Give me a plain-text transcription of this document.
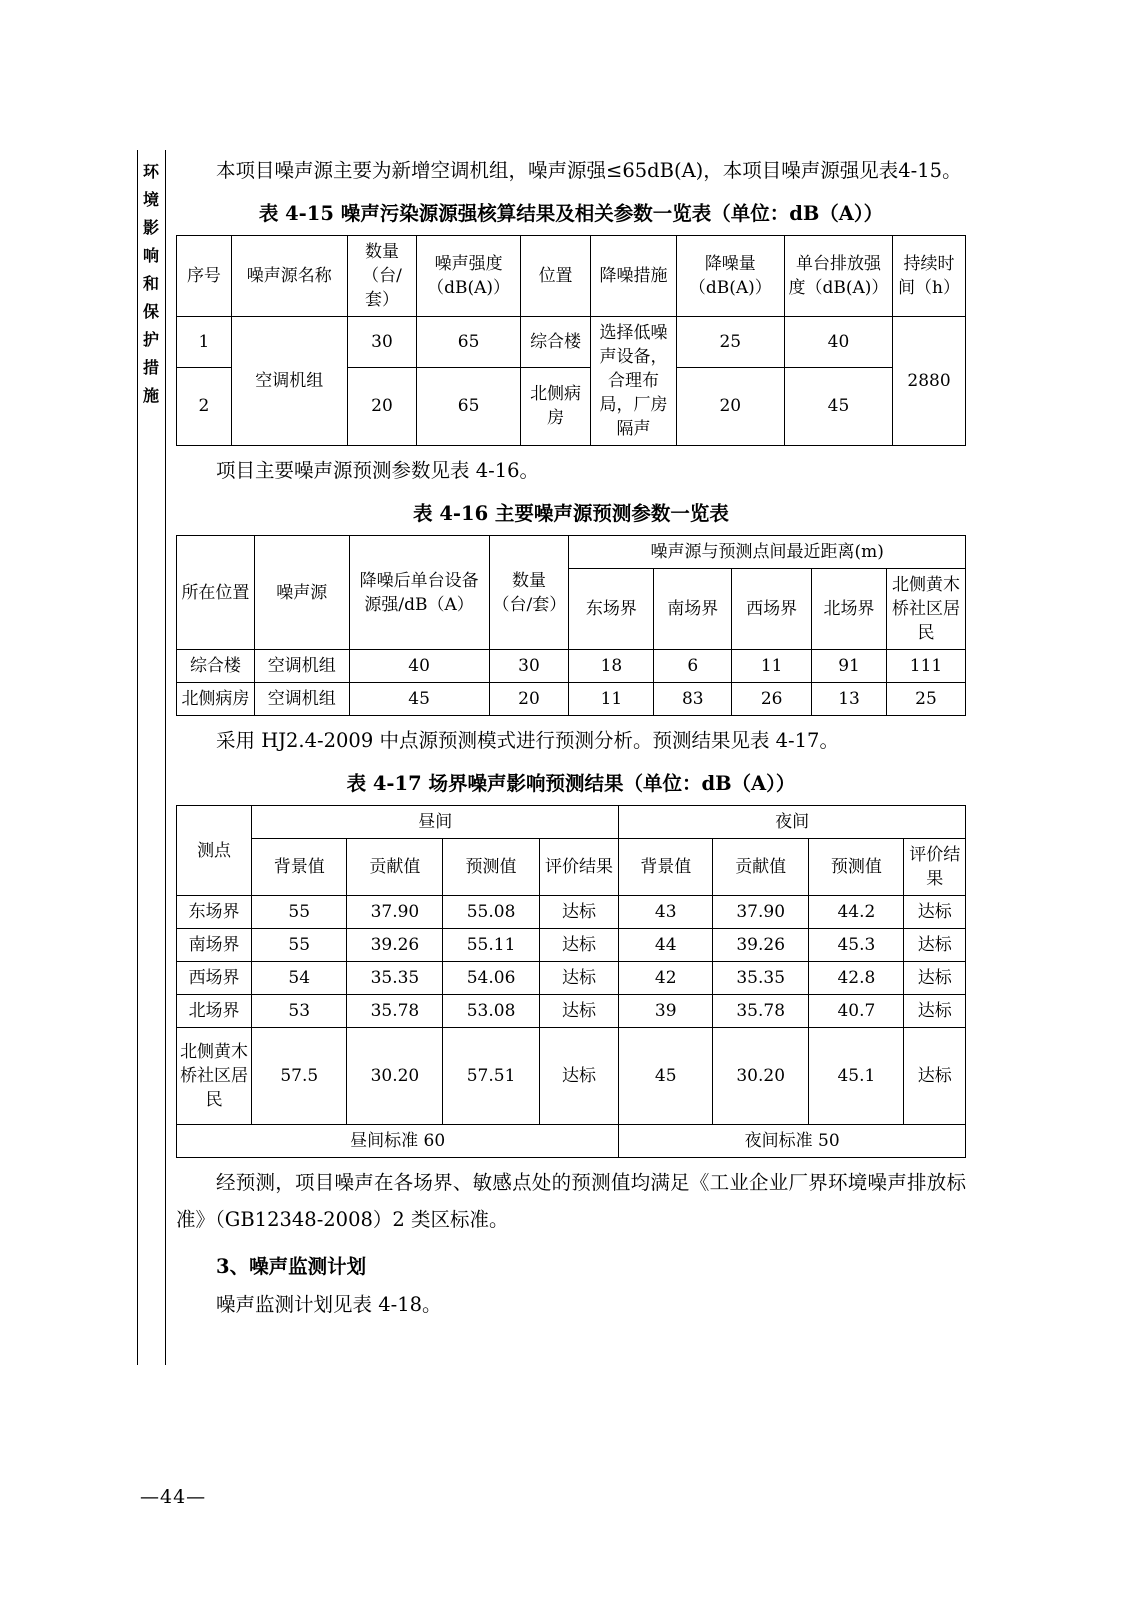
环境影响和保护措施

本项目噪声源主要为新增空调机组，噪声源强≤65dB(A)，本项目噪声源强见表4-15。

表 4-15 噪声污染源源强核算结果及相关参数一览表（单位：dB（A））
序号	噪声源名称	数量（台/套）	噪声强度（dB(A)）	位置	降噪措施	降噪量（dB(A)）	单台排放强度（dB(A)）	持续时间（h）
1	空调机组	30	65	综合楼	选择低噪声设备，合理布局，厂房隔声	25	40	2880
2		20	65	北侧病房		20	45	

项目主要噪声源预测参数见表 4-16。

表 4-16 主要噪声源预测参数一览表
所在位置	噪声源	降噪后单台设备源强/dB（A）	数量（台/套）	噪声源与预测点间最近距离(m)				
				东场界	南场界	西场界	北场界	北侧黄木桥社区居民
综合楼	空调机组	40	30	18	6	11	91	111
北侧病房	空调机组	45	20	11	83	26	13	25

采用 HJ2.4-2009 中点源预测模式进行预测分析。预测结果见表 4-17。

表 4-17 场界噪声影响预测结果（单位：dB（A））
测点	昼间				夜间			
	背景值	贡献值	预测值	评价结果	背景值	贡献值	预测值	评价结果
东场界	55	37.90	55.08	达标	43	37.90	44.2	达标
南场界	55	39.26	55.11	达标	44	39.26	45.3	达标
西场界	54	35.35	54.06	达标	42	35.35	42.8	达标
北场界	53	35.78	53.08	达标	39	35.78	40.7	达标
北侧黄木桥社区居民	57.5	30.20	57.51	达标	45	30.20	45.1	达标
昼间标准 60					夜间标准 50			

经预测，项目噪声在各场界、敏感点处的预测值均满足《工业企业厂界环境噪声排放标准》（GB12348-2008）2 类区标准。

3、噪声监测计划

噪声监测计划见表 4-18。

—44—
